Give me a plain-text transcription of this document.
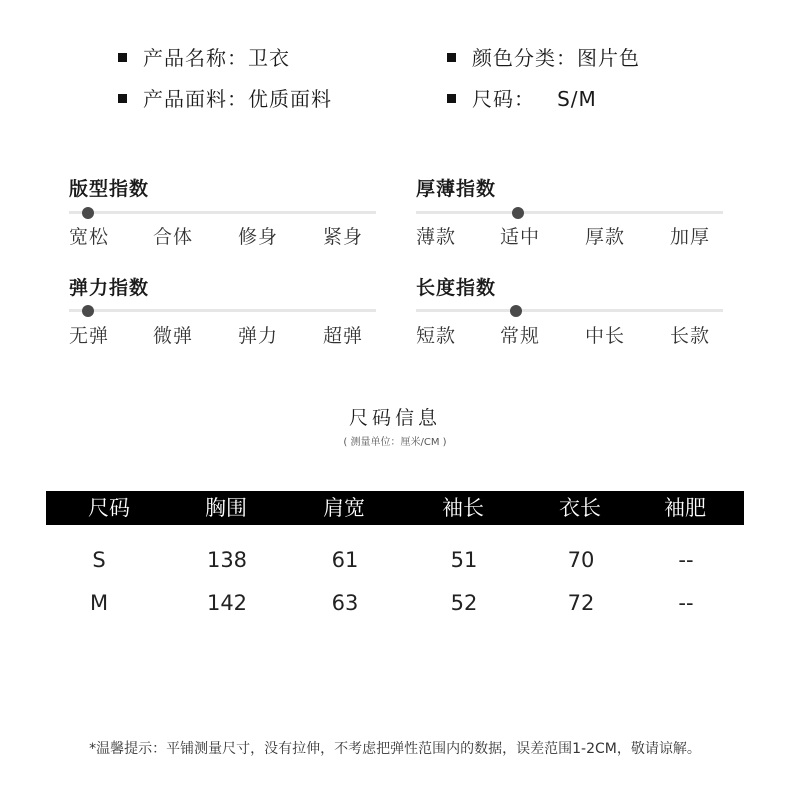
产品名称：卫衣
产品面料：优质面料
颜色分类：图片色
尺码：   S/M
版型指数
宽松 合体 修身 紧身
厚薄指数
薄款 适中 厚款 加厚
弹力指数
无弹 微弹 弹力 超弹
长度指数
短款 常规 中长 长款
尺码信息
( 测量单位：厘米/CM )
尺码	胸围	肩宽	袖长	衣长	袖肥
S	138	61	51	70	--
M	142	63	52	72	--
*温馨提示：平铺测量尺寸，没有拉伸，不考虑把弹性范围内的数据，误差范围1-2CM，敬请谅解。
